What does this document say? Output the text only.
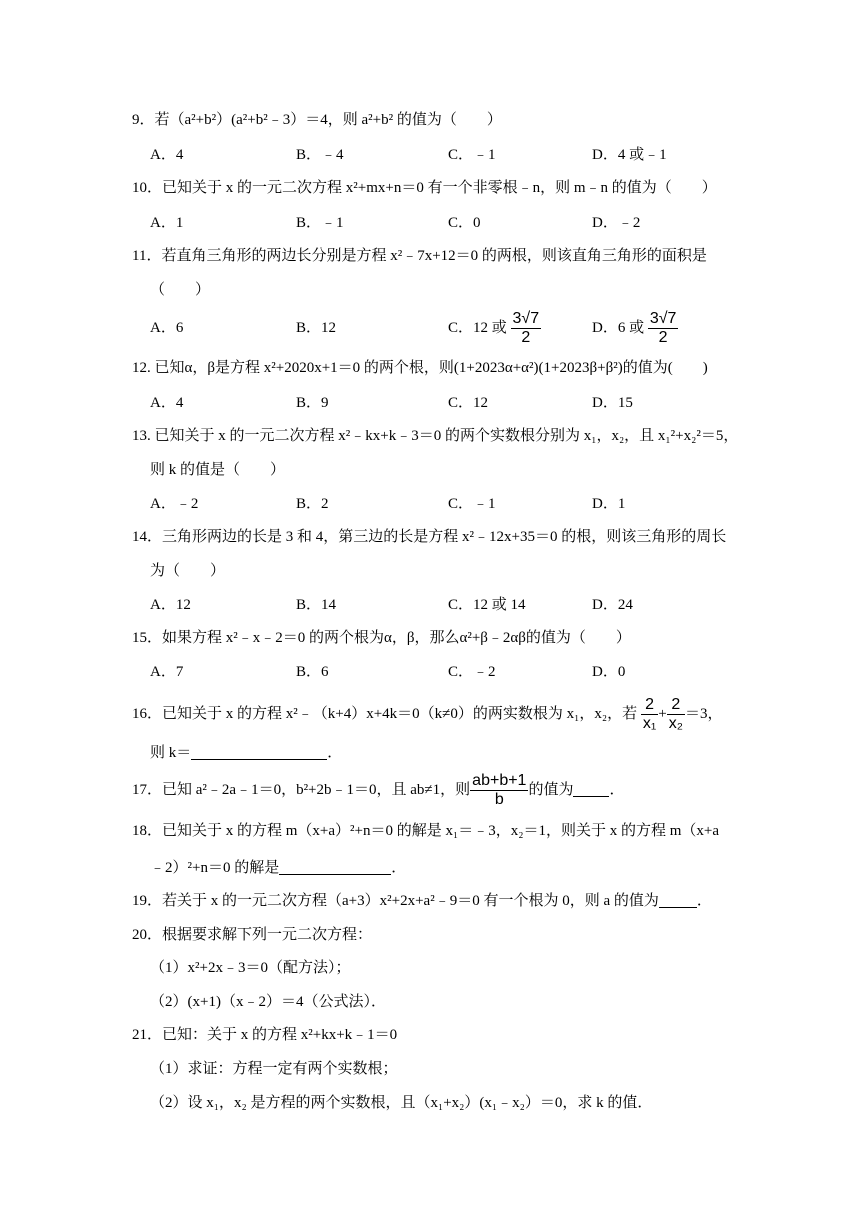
9．若（a²+b²）(a²+b²﹣3）＝4，则 a²+b² 的值为（　　）
A．4	B．﹣4	C．﹣1	D．4 或﹣1
10．已知关于 x 的一元二次方程 x²+mx+n＝0 有一个非零根﹣n，则 m﹣n 的值为（　　）
A．1	B．﹣1	C．0	D．﹣2
11．若直角三角形的两边长分别是方程 x²﹣7x+12＝0 的两根，则该直角三角形的面积是
（　　）
A．6	B．12	C．12 或 $\frac{3√7}{2}$	D．6 或 $\frac{3√7}{2}$
12. 已知α，β是方程 x²+2020x+1＝0 的两个根，则(1+2023α+α²)(1+2023β+β²)的值为(　　)
A．4	B．9	C．12	D．15
13. 已知关于 x 的一元二次方程 x²﹣kx+k﹣3＝0 的两个实数根分别为 x₁，x₂，且 x₁²+x₂²＝5，
则 k 的值是（　　）
A．﹣2	B．2	C．﹣1	D．1
14．三角形两边的长是 3 和 4，第三边的长是方程 x²﹣12x+35＝0 的根，则该三角形的周长
为（　　）
A．12	B．14	C．12 或 14	D．24
15．如果方程 x²﹣x﹣2＝0 的两个根为α，β，那么α²+β﹣2αβ的值为（　　）
A．7	B．6	C．﹣2	D．0
16．已知关于 x 的方程 x²﹣（k+4）x+4k＝0（k≠0）的两实数根为 x₁，x₂，若 $\frac{2}{\text{x₁}} + \frac{2}{\text{x₂}} =3$，
则 k＝	．
17．已知 a²﹣2a﹣1＝0，b²+2b﹣1＝0，且 ab≠1，则 $\frac{ab+b+1}{b}$ 的值为 ．
18．已知关于 x 的方程 m（x+a）²+n＝0 的解是 x₁＝﹣3，x₂＝1，则关于 x 的方程 m（x+a
﹣2）²+n＝0 的解是	．
19．若关于 x 的一元二次方程（a+3）x²+2x+a²﹣9＝0 有一个根为 0，则 a 的值为	．
20．根据要求解下列一元二次方程：
（1）x²+2x﹣3＝0（配方法）；
（2）(x+1)（x﹣2）＝4（公式法）．
21．已知：关于 x 的方程 x²+kx+k﹣1＝0
（1）求证：方程一定有两个实数根；
（2）设 x₁，x₂ 是方程的两个实数根，且（x₁+x₂）(x₁﹣x₂）＝0，求 k 的值．
